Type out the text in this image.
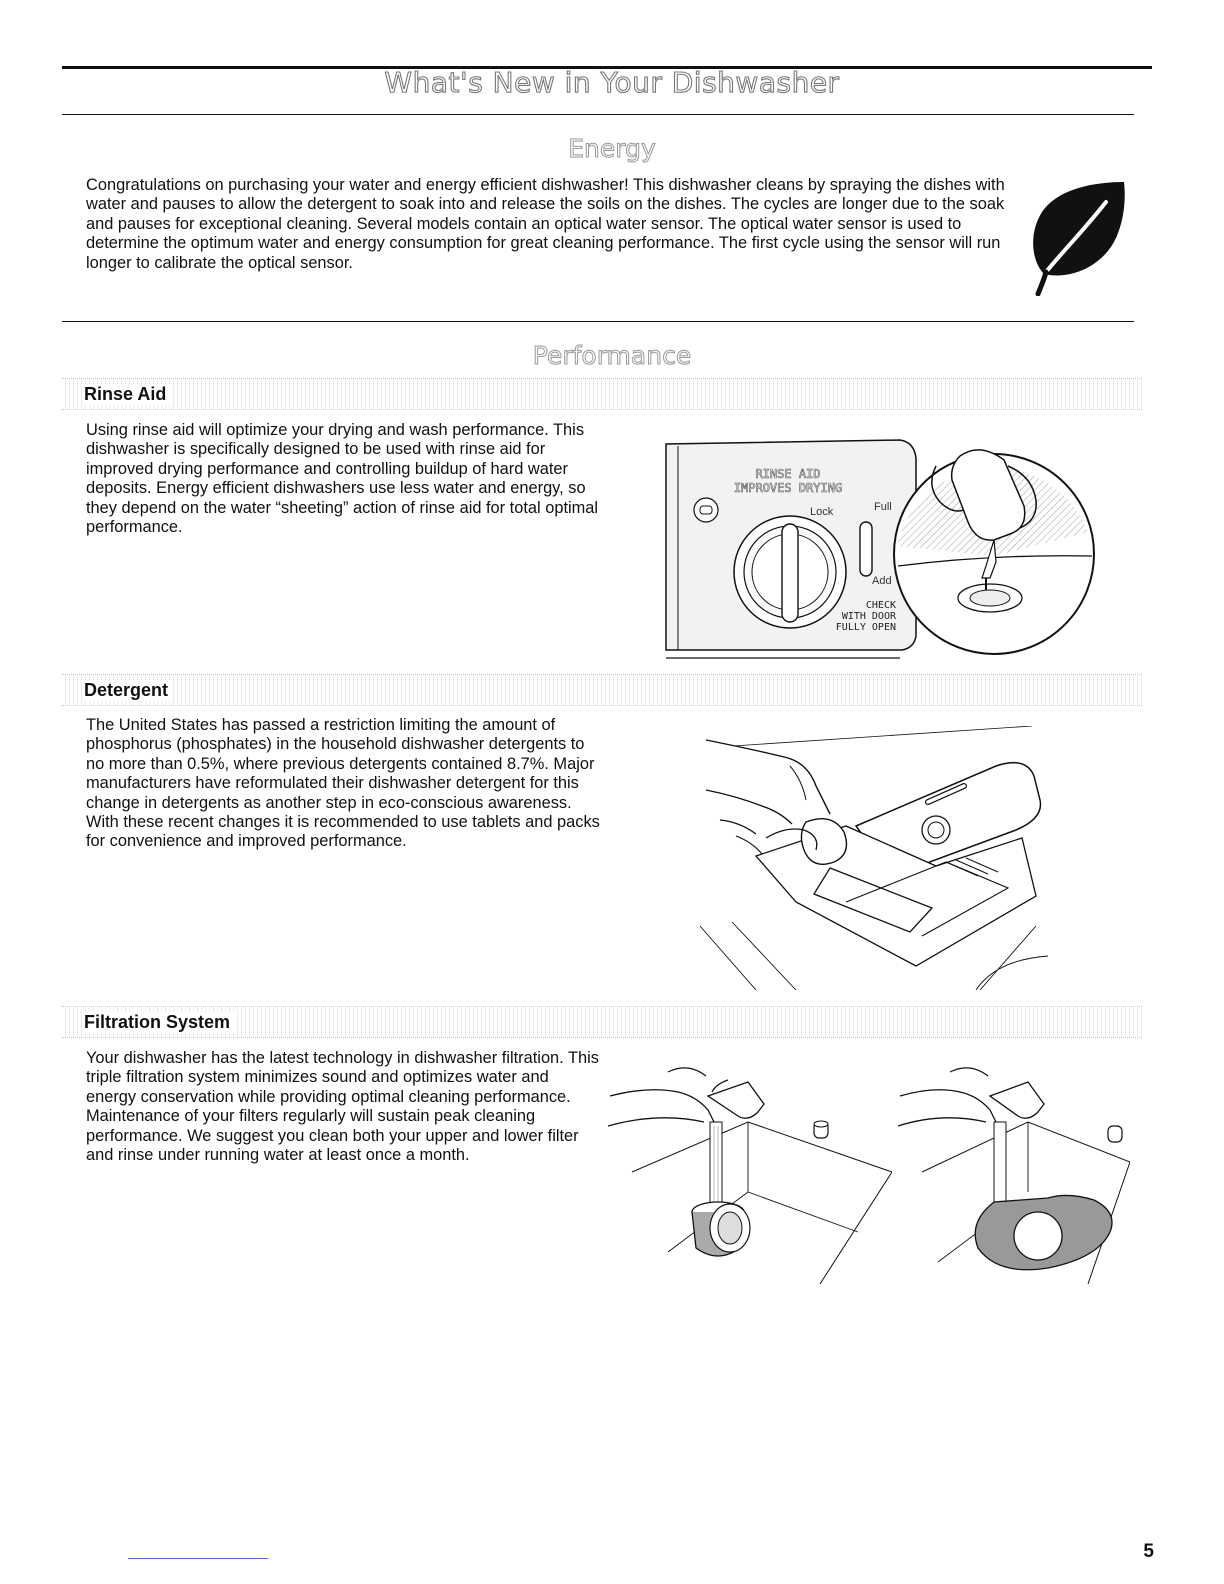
What's New in Your Dishwasher
Energy

Congratulations on purchasing your water and energy efficient dishwasher! This dishwasher cleans by spraying the dishes with water and pauses to allow the detergent to soak into and release the soils on the dishes. The cycles are longer due to the soak and pauses for exceptional cleaning. Several models contain an optical water sensor. The optical water sensor is used to determine the optimum water and energy consumption for great cleaning performance. The first cycle using the sensor will run longer to calibrate the optical sensor.

Performance
Rinse Aid

Using rinse aid will optimize your drying and wash performance. This dishwasher is specifically designed to be used with rinse aid for improved drying performance and controlling buildup of hard water deposits. Energy efficient dishwashers use less water and energy, so they depend on the water “sheeting” action of rinse aid for total optimal performance.

RINSE AID
IMPROVES DRYING
Lock	Full
Add
CHECK
WITH DOOR
FULLY OPEN
Detergent

The United States has passed a restriction limiting the amount of phosphorus (phosphates) in the household dishwasher detergents to no more than 0.5%, where previous detergents contained 8.7%. Major manufacturers have reformulated their dishwasher detergent for this change in detergents as another step in eco-conscious awareness. With these recent changes it is recommended to use tablets and packs for convenience and improved performance.

Filtration System

Your dishwasher has the latest technology in dishwasher filtration. This triple filtration system minimizes sound and optimizes water and energy conservation while providing optimal cleaning performance. Maintenance of your filters regularly will sustain peak cleaning performance. We suggest you clean both your upper and lower filter and rinse under running water at least once a month.

5
